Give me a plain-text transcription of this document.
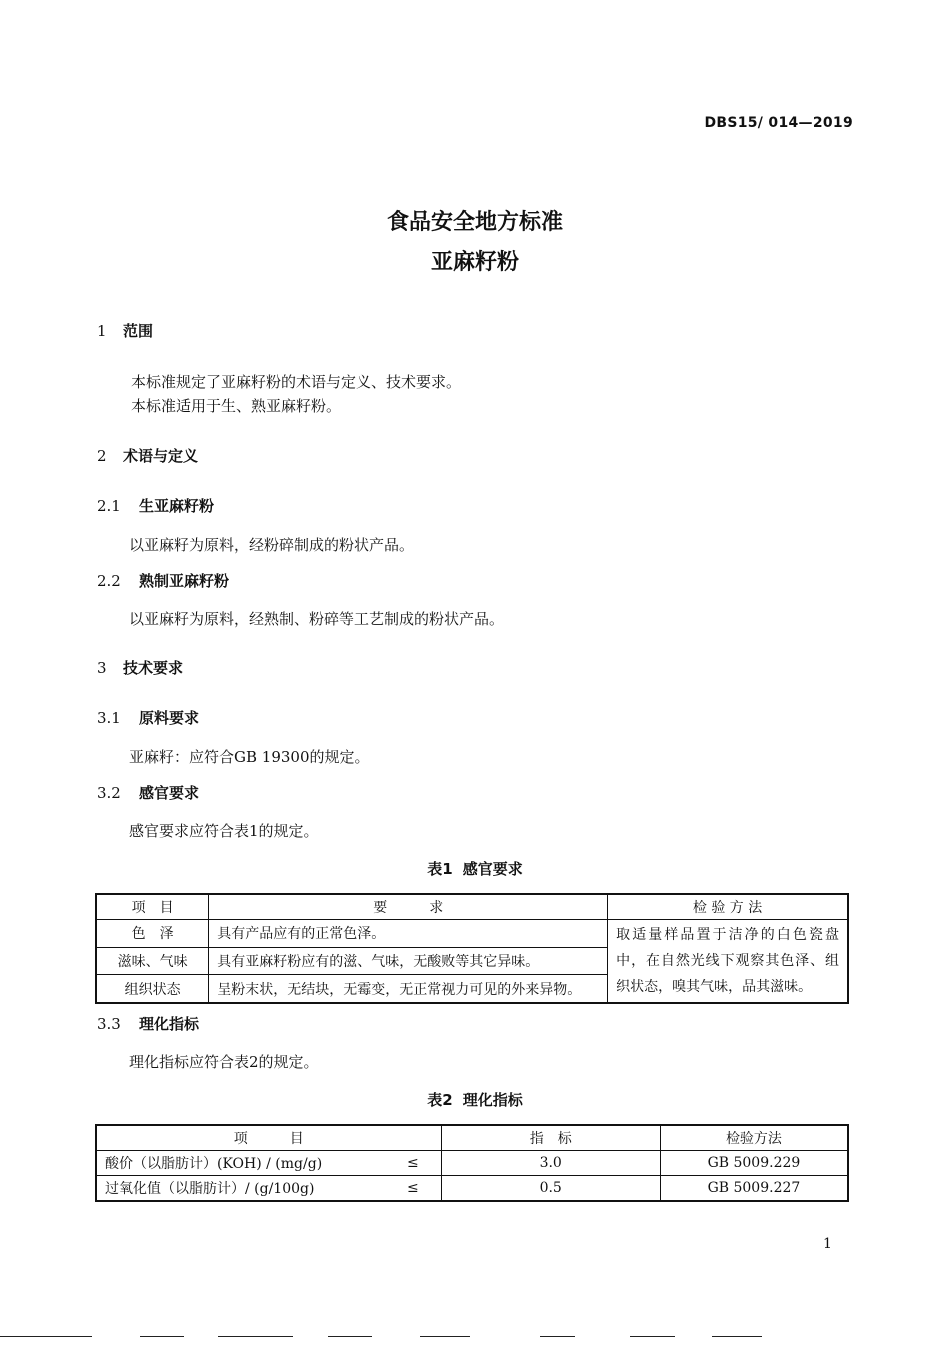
DBS15/ 014—2019
食品安全地方标准
亚麻籽粉
1 范围
本标准规定了亚麻籽粉的术语与定义、技术要求。
本标准适用于生、熟亚麻籽粉。
2 术语与定义
2.1 生亚麻籽粉
以亚麻籽为原料，经粉碎制成的粉状产品。
2.2 熟制亚麻籽粉
以亚麻籽为原料，经熟制、粉碎等工艺制成的粉状产品。
3 技术要求
3.1 原料要求
亚麻籽：应符合GB 19300的规定。
3.2 感官要求
感官要求应符合表1的规定。
表1 感官要求
项　目	要　　　求	检 验 方 法
色　泽	具有产品应有的正常色泽。	取适量样品置于洁净的白色瓷盘中，在自然光线下观察其色泽、组织状态，嗅其气味，品其滋味。
滋味、气味	具有亚麻籽粉应有的滋、气味，无酸败等其它异味。	
组织状态	呈粉末状，无结块，无霉变，无正常视力可见的外来异物。	
3.3 理化指标
理化指标应符合表2的规定。
表2 理化指标
项　　　目		指　标	检验方法
酸价（以脂肪计）(KOH) / (mg/g)	≤	3.0	GB 5009.229
过氧化值（以脂肪计）/ (g/100g)	≤	0.5	GB 5009.227
1
